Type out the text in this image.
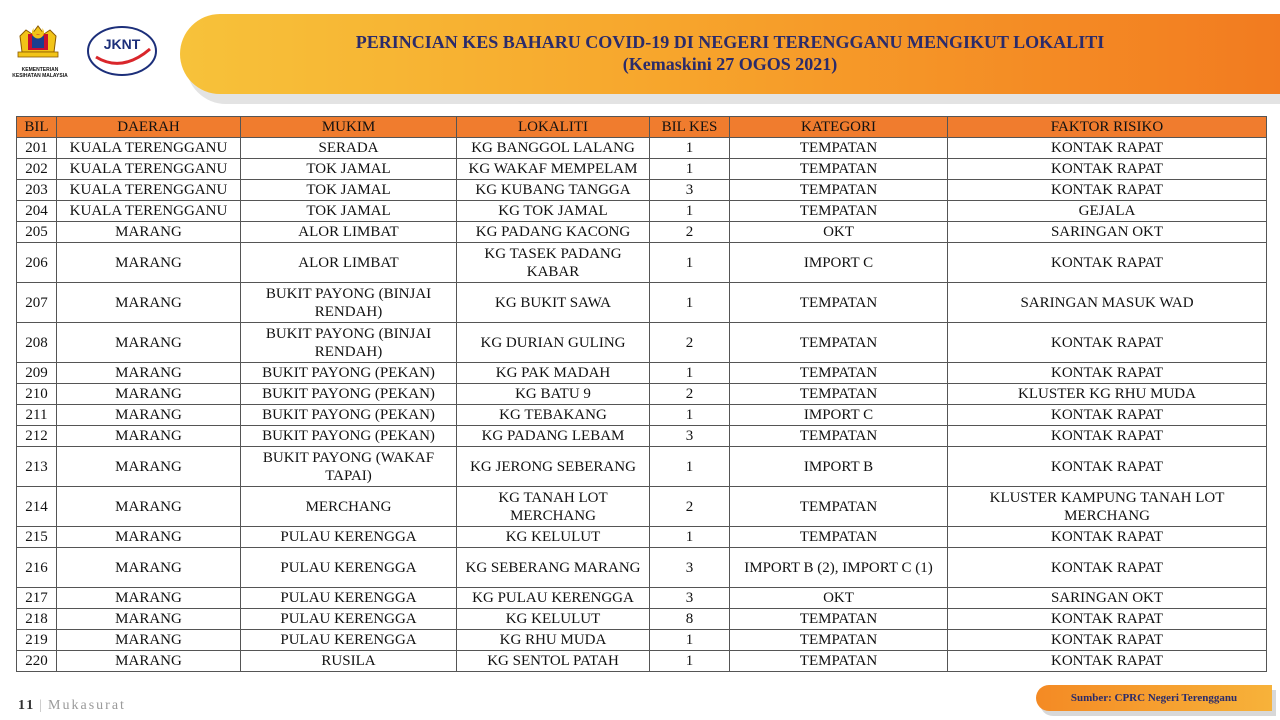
KEMENTERIAN KESIHATAN MALAYSIA
JKNT	PERINCIAN KES BAHARU COVID-19 DI NEGERI TERENGGANU MENGIKUT LOKALITI
(Kemaskini 27 OGOS 2021)
BIL	DAERAH	MUKIM	LOKALITI	BIL KES	KATEGORI	FAKTOR RISIKO
201	KUALA TERENGGANU	SERADA	KG BANGGOL LALANG	1	TEMPATAN	KONTAK RAPAT
202	KUALA TERENGGANU	TOK JAMAL	KG WAKAF MEMPELAM	1	TEMPATAN	KONTAK RAPAT
203	KUALA TERENGGANU	TOK JAMAL	KG KUBANG TANGGA	3	TEMPATAN	KONTAK RAPAT
204	KUALA TERENGGANU	TOK JAMAL	KG TOK JAMAL	1	TEMPATAN	GEJALA
205	MARANG	ALOR LIMBAT	KG PADANG KACONG	2	OKT	SARINGAN OKT
206	MARANG	ALOR LIMBAT	KG TASEK PADANG KABAR	1	IMPORT C	KONTAK RAPAT
207	MARANG	BUKIT PAYONG (BINJAI RENDAH)	KG BUKIT SAWA	1	TEMPATAN	SARINGAN MASUK WAD
208	MARANG	BUKIT PAYONG (BINJAI RENDAH)	KG DURIAN GULING	2	TEMPATAN	KONTAK RAPAT
209	MARANG	BUKIT PAYONG (PEKAN)	KG PAK MADAH	1	TEMPATAN	KONTAK RAPAT
210	MARANG	BUKIT PAYONG (PEKAN)	KG BATU 9	2	TEMPATAN	KLUSTER KG RHU MUDA
211	MARANG	BUKIT PAYONG (PEKAN)	KG TEBAKANG	1	IMPORT C	KONTAK RAPAT
212	MARANG	BUKIT PAYONG (PEKAN)	KG PADANG LEBAM	3	TEMPATAN	KONTAK RAPAT
213	MARANG	BUKIT PAYONG (WAKAF TAPAI)	KG JERONG SEBERANG	1	IMPORT B	KONTAK RAPAT
214	MARANG	MERCHANG	KG TANAH LOT MERCHANG	2	TEMPATAN	KLUSTER KAMPUNG TANAH LOT MERCHANG
215	MARANG	PULAU KERENGGA	KG KELULUT	1	TEMPATAN	KONTAK RAPAT
216	MARANG	PULAU KERENGGA	KG SEBERANG MARANG	3	IMPORT B (2), IMPORT C (1)	KONTAK RAPAT
217	MARANG	PULAU KERENGGA	KG PULAU KERENGGA	3	OKT	SARINGAN OKT
218	MARANG	PULAU KERENGGA	KG KELULUT	8	TEMPATAN	KONTAK RAPAT
219	MARANG	PULAU KERENGGA	KG RHU MUDA	1	TEMPATAN	KONTAK RAPAT
220	MARANG	RUSILA	KG SENTOL PATAH	1	TEMPATAN	KONTAK RAPAT
11 | Mukasurat	Sumber: CPRC Negeri Terengganu
